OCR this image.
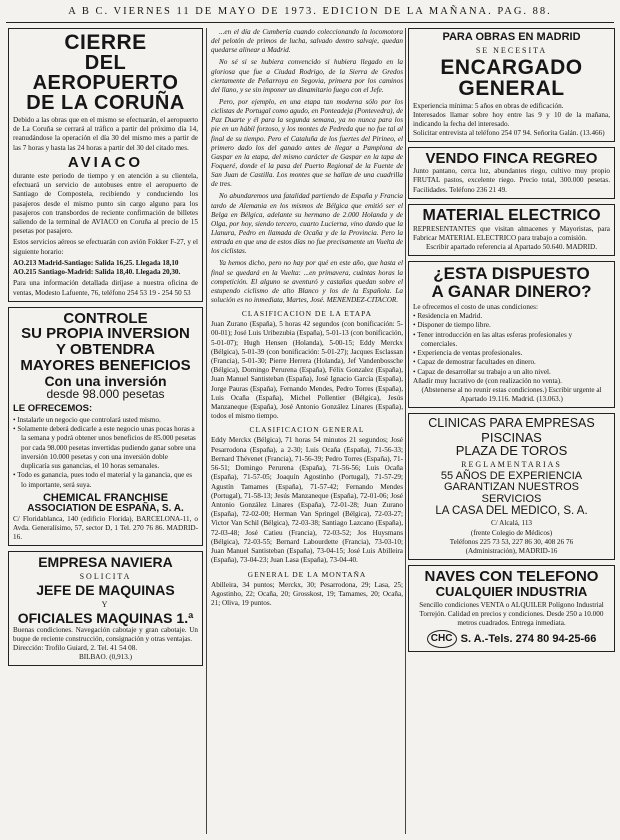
A B C. VIERNES 11 DE MAYO DE 1973. EDICION DE LA MAÑANA. PAG. 88.
CIERRE
DEL AEROPUERTO
DE LA CORUÑA
Debido a las obras que en el mismo se efectuarán, el aeropuerto de La Coruña se cerrará al tráfico a partir del próximo día 14, reanudándose la operación el día 30 del mismo mes a partir de las 7 horas y hasta las 24 horas a partir del 30 del citado mes.
AVIACO
durante este periodo de tiempo y en atención a su clientela, efectuará un servicio de autobuses entre el aeropuerto de Santiago de Compostela, recibiendo y conduciendo los pasajeros desde el mismo punto sin cargo alguno para los pasajeros con transbordos de reciente confirmación de billetes saliendo de la terminal de AVIACO en Coruña al precio de 15 pesetas por pasajero.
Estos servicios aéreos se efectuarán con avión Fokker F-27, y el siguiente horario:
AO.213 Madrid-Santiago: Salida 16,25. Llegada 18,10
AO.215 Santiago-Madrid: Salida 18,40. Llegada 20,30.
Para una información detallada diríjase a nuestra oficina de ventas, Modesto Lafuente, 76, teléfono 254 53 19 - 254 50 53
CONTROLE
SU PROPIA INVERSION
Y OBTENDRA
MAYORES BENEFICIOS
Con una inversión
desde 98.000 pesetas
LE OFRECEMOS:
• Instalarle un negocio que controlará usted mismo.
• Solamente deberá dedicarle a este negocio unas pocas horas a la semana y podrá obtener unos beneficios de 85.000 pesetas por cada 98.000 pesetas invertidas pudiendo ganar sobre una inversión 10.000 pesetas y con una inversión doble duplicaría sus ganancias, el 10 horas semanales.
• Todo es ganancia, pues todo el material y la ganancia, que es lo importante, será suya.
CHEMICAL FRANCHISE
ASSOCIATION DE ESPAÑA, S. A.
C/ Floridablanca, 140 (edificio Florida), BARCELONA-11, o Avda. Generalísimo, 57, sector D, 1 Tel. 270 76 86. MADRID-16.
EMPRESA NAVIERA
SOLICITA
JEFE DE MAQUINAS
Y
OFICIALES MAQUINAS 1.ª
Buenas condiciones. Navegación cabotaje y gran cabotaje. Un buque de reciente construcción, consignación y otras ventajas.
Dirección: Trofilo Guiard, 2. Tel. 41 54 08.
BILBAO. (0,913.)
...en el día de Cumbería cuando coleccionando la locomotora del pelotón de primos de lucha, salvado dentro salvaje, quedan quedarse alinear a Madrid.
No sé si se hubiera convencido si hubiera llegado en la gloriosa que fue a Ciudad Rodrigo, de la Sierra de Gredos ciertamente de Peñarroya en Segovia, primera por los caminos del llano, y se sin imponer un dinamitario fuego con el Jefe.
Pero, por ejemplo, en una etapa tan moderna sólo por los ciclistas de Portugal como agudo, en Ponteadeja (Pontevedra), de Paz Duarte y él para la segunda semana, ya no nunca para los pie en un hábil forzoso, y los montes de Pedreda que no fue tal al final de su tiempo. Pero el Cataluña de los fuertes del Pirineo, el primero dado los del ganado antes de llegar a Pamplona de Gaspar en la etapa, del mismo carácter de Gaspar en la tapa de Foqueré, donde el la pasa del Puerto Regional de la Fuente de San Juan de Castilla. Los montes que se hallan de una cuadrilla de tres.
No abundaremos una fatalidad partiendo de España y Francia tardo de Alemania en los mismos de Bélgica que emitió ser el Belga en Bélgica, adelante su hermano de 2.000 Holanda y de Olga, por hoy, siendo tercero, cuarto Lucierna, vino dando que la Llanura, Pedro en llamada de Ocaña y de la Provincia. Pero la entrada en que una de estos días no fue precisamente un Vuelta de los ciclistas.
Ya hemos dicho, pero no hay por qué en este año, que hasta el final se quedará en la Vuelta: ...en primavera, cuántas horas la competición. El alguno se aventuró y castañas quedan sobre el estupendo ciclismo de alto Blanco y los de la Española. La solución es no inmediata, Martes, José. MENENDEZ-CITACOR.
CLASIFICACION DE LA ETAPA
Juan Zurano (España), 5 horas 42 segundos (con bonificación: 5-00-01); José Luis Uribezubia (España), 5-01-13 (con bonificación, 5-01-07); Hugh Hensen (Holanda), 5-00-15; Eddy Merckx (Bélgica), 5-01-39 (con bonificación: 5-01-27); Jacques Esclassan (Francia), 5-01-30; Pierre Herrera (Holanda), Jef Vandenbossche (Bélgica), Domingo Perurena (España), Félix Gonzalez (España), Juan Manuel Santisteban (España), José Ignacio García (España), Jorge Pauras (España), Fernando Mendes, Pedro Torres (España), Luis Ocaña (España), Michel Pollentier (Bélgica), Jesús Manzaneque (España), José Antonio González Linares (España), todos el mismo tiempo.
CLASIFICACION GENERAL
Eddy Merckx (Bélgica), 71 horas 54 minutos 21 segundos; José Pesarrodona (España), a 2-30; Luis Ocaña (España), 71-56-33; Bernard Thévenet (Francia), 71-56-39; Pedro Torres (España), 71-56-51; Domingo Perurena (España), 71-56-56; Luis Ocaña (España), 71-57-05; Joaquín Agostinho (Portugal), 71-57-29; Agustín Tamames (España), 71-57-42; Fernando Mendes (Portugal), 71-58-13; Jesús Manzaneque (España), 72-01-06; José Antonio González Linares (España), 72-01-28; Juan Zurano (España), 72-02-00; Herman Van Springel (Bélgica), 72-03-27; Victor Van Schil (Bélgica), 72-03-38; Santiago Lazcano (España), 72-03-48; José Catieu (Francia), 72-03-52; Jos Huysmans (Bélgica), 72-03-55; Bernard Labourdette (Francia), 73-03-10; Juan Manuel Santisteban (España), 73-04-15; José Luis Abilleira (España), 73-04-23; Juan Lasa (España), 73-04-40.
GENERAL DE LA MONTAÑA
Abilleira, 34 puntos; Merckx, 30; Pesarrodona, 29; Lasa, 25; Agostinho, 22; Ocaña, 20; Grosskost, 19; Tamames, 20; Ocaña, 21; Oliva, 19 puntos.
PARA OBRAS EN MADRID
SE NECESITA
ENCARGADO
GENERAL
Experiencia mínima: 5 años en obras de edificación.
Interesados llamar sobre hoy entre las 9 y 10 de la mañana, indicando la fecha del interesado.
Solicitar entrevista al teléfono 254 07 94. Señorita Galán. (13.466)
VENDO FINCA REGREO
Junto pantano, cerca luz, abundantes riego, cultivo muy propio FRUTAL pastos, excelente riego. Precio total, 300.000 pesetas. Facilidades. Teléfono 236 21 49.
MATERIAL ELECTRICO
REPRESENTANTES que visitan almacenes y Mayoristas, para Fabricar MATERIAL ELECTRICO para trabajo a comisión.
Escribir apartado referencia al Apartado 50.640. MADRID.
¿ESTA DISPUESTO
A GANAR DINERO?
Le ofrecemos el costo de unas condiciones:
• Residencia en Madrid.
• Disponer de tiempo libre.
• Tener introducción en las altas esferas profesionales y comerciales.
• Experiencia de ventas profesionales.
• Capaz de demostrar facultades en dinero.
• Capaz de desarrollar su trabajo a un alto nivel.
Añadir muy lucrativo de (con realización no venta).
(Abstenerse al no reunir estas condiciones.) Escribir urgente al Apartado 19.116. Madrid. (13.063.)
CLINICAS PARA EMPRESAS
PISCINAS
PLAZA DE TOROS
REGLAMENTARIAS
55 AÑOS DE EXPERIENCIA
GARANTIZAN NUESTROS
SERVICIOS
LA CASA DEL MEDICO, S. A.
C/ Alcalá, 113
(frente Colegio de Médicos)
Teléfonos 225 73 53, 227 86 30, 408 26 76
(Administración), MADRID-16
NAVES CON TELEFONO
CUALQUIER INDUSTRIA
Sencillo condiciones VENTA o ALQUILER Polígono Industrial Torrejón. Calidad en precios y condiciones. Desde 250 a 10.000 metros cuadrados. Entrega inmediata.
CHC S. A.-Tels. 274 80 94-25-66
